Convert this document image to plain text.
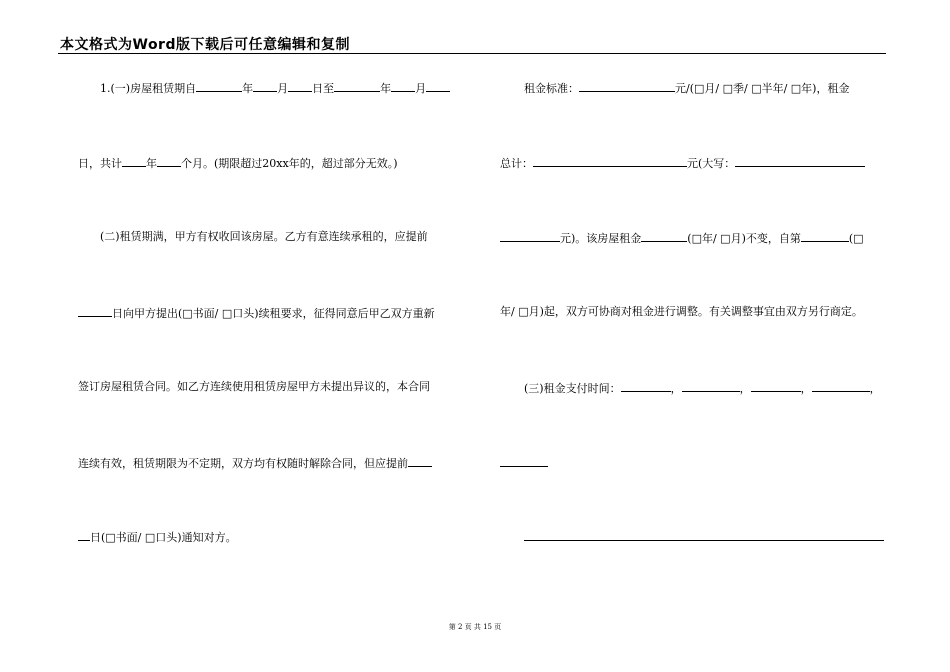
本文格式为Word版下载后可任意编辑和复制
1.(一)房屋租赁期自	年 月 日至	年 月
日，共计 年 个月。(期限超过20xx年的，超过部分无效。)
(二)租赁期满，甲方有权收回该房屋。乙方有意连续承租的，应提前
日向甲方提出(□书面/ □口头)续租要求，征得同意后甲乙双方重新
签订房屋租赁合同。如乙方连续使用租赁房屋甲方未提出异议的，本合同
连续有效，租赁期限为不定期，双方均有权随时解除合同，但应提前
日(□书面/ □口头)通知对方。
租金标准：	元/(□月/ □季/ □半年/ □年)，租金
总计：	元(大写：
元)。该房屋租金	(□年/ □月)不变，自第	(□
年/ □月)起，双方可协商对租金进行调整。有关调整事宜由双方另行商定。
(三)租金支付时间：	，	，	，	，
第 2 页 共 15 页
